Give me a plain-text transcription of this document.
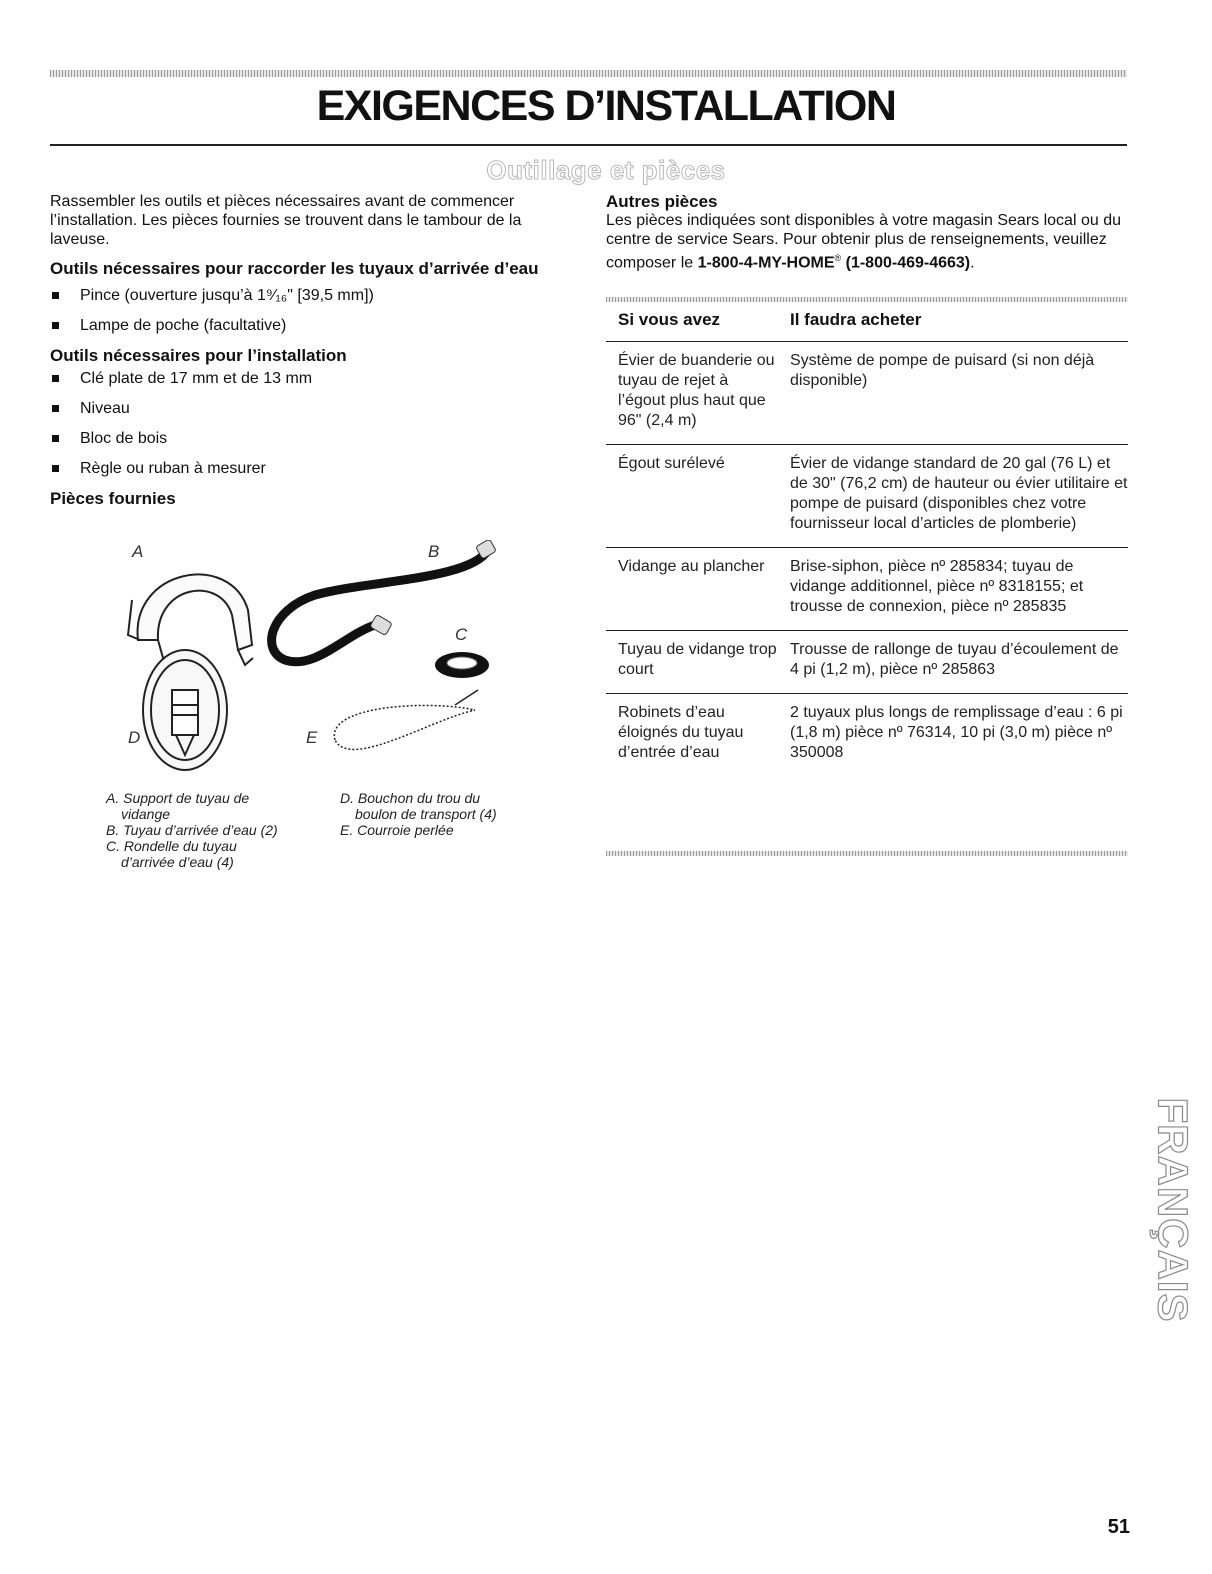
EXIGENCES D’INSTALLATION
Outillage et pièces

Rassembler les outils et pièces nécessaires avant de commencer l’installation. Les pièces fournies se trouvent dans le tambour de la laveuse.

Outils nécessaires pour raccorder les tuyaux d’arrivée d’eau
Pince (ouverture jusqu’à 1⁹⁄₁₆" [39,5 mm])
Lampe de poche (facultative)
Outils nécessaires pour l’installation
Clé plate de 17 mm et de 13 mm
Niveau
Bloc de bois
Règle ou ruban à mesurer
Pièces fournies
A	B
C
D	E
A. Support de tuyau de
vidange
B. Tuyau d’arrivée d’eau (2)
C. Rondelle du tuyau
d’arrivée d’eau (4)
D. Bouchon du trou du
boulon de transport (4)
E. Courroie perlée
Autres pièces

Les pièces indiquées sont disponibles à votre magasin Sears local ou du centre de service Sears. Pour obtenir plus de renseignements, veuillez composer le 1-800-4-MY-HOME® (1-800-469-4663).

Si vous avez	Il faudra acheter
Évier de buanderie ou tuyau de rejet à l’égout plus haut que 96" (2,4 m)	Système de pompe de puisard (si non déjà disponible)
Égout surélevé	Évier de vidange standard de 20 gal (76 L) et de 30" (76,2 cm) de hauteur ou évier utilitaire et pompe de puisard (disponibles chez votre fournisseur local d’articles de plomberie)
Vidange au plancher	Brise-siphon, pièce nº 285834; tuyau de vidange additionnel, pièce nº 8318155; et trousse de connexion, pièce nº 285835
Tuyau de vidange trop court	Trousse de rallonge de tuyau d’écoulement de 4 pi (1,2 m), pièce nº 285863
Robinets d’eau éloignés du tuyau d’entrée d’eau	2 tuyaux plus longs de remplissage d’eau : 6 pi (1,8 m) pièce nº 76314, 10 pi (3,0 m) pièce nº 350008
FRANÇAIS
51
